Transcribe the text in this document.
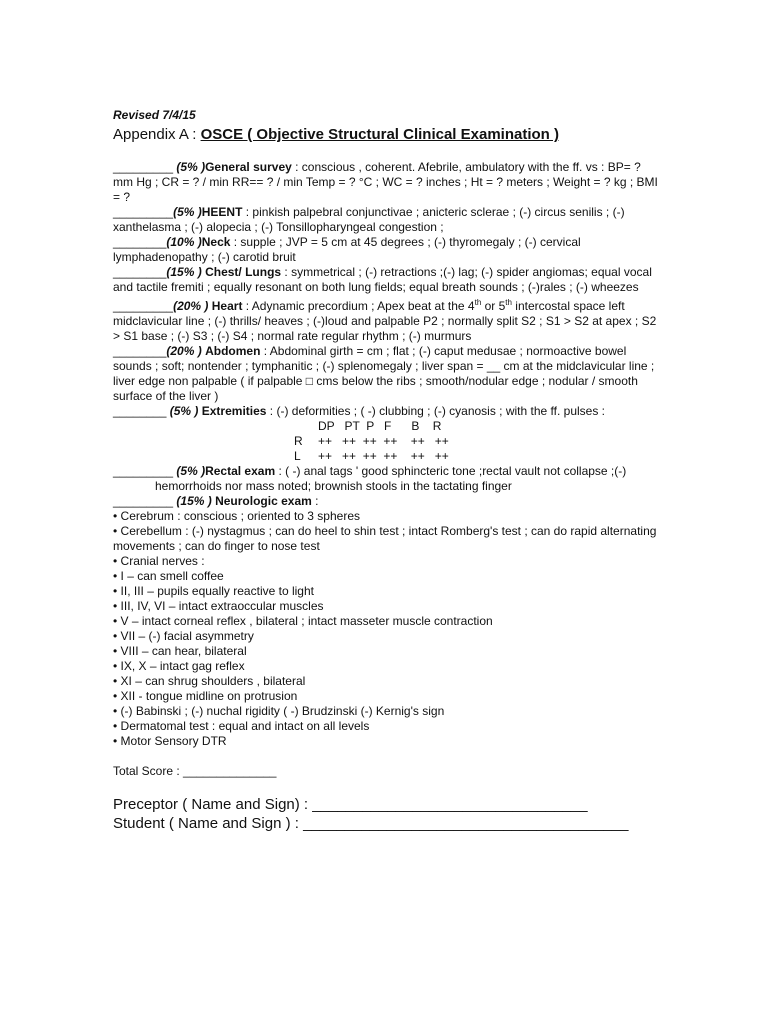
Revised 7/4/15
Appendix A : OSCE ( Objective Structural Clinical Examination )

_________ (5% )General survey : conscious , coherent. Afebrile, ambulatory with the ff. vs : BP= ? mm Hg ; CR = ? / min RR== ? / min Temp = ? °C ; WC = ? inches ; Ht = ? meters ; Weight = ? kg ; BMI = ?

_________(5% )HEENT : pinkish palpebral conjunctivae ; anicteric sclerae ; (-) circus senilis ; (-) xanthelasma ; (-) alopecia ; (-) Tonsillopharyngeal congestion ;

________(10% )Neck : supple ; JVP = 5 cm at 45 degrees ; (-) thyromegaly ; (-) cervical lymphadenopathy ; (-) carotid bruit

________(15% ) Chest/ Lungs : symmetrical ; (-) retractions ;(-) lag; (-) spider angiomas; equal vocal and tactile fremiti ; equally resonant on both lung fields; equal breath sounds ; (-)rales ; (-) wheezes

_________(20% ) Heart : Adynamic precordium ; Apex beat at the 4th or 5th intercostal space left midclavicular line ; (-) thrills/ heaves ; (-)loud and palpable P2 ; normally split S2 ; S1 > S2 at apex ; S2 > S1 base ; (-) S3 ; (-) S4 ; normal rate regular rhythm ; (-) murmurs

________(20% ) Abdomen : Abdominal girth = cm ; flat ; (-) caput medusae ; normoactive bowel sounds ; soft; nontender ; tymphanitic ; (-) splenomegaly ; liver span = __ cm at the midclavicular line ; liver edge non palpable ( if palpable □ cms below the ribs ; smooth/nodular edge ; nodular / smooth surface of the liver )

________ (5% ) Extremities : (-) deformities ; ( -) clubbing ; (-) cyanosis ; with the ff. pulses :

DP   PT  P   F      B    R
R ++   ++  ++  ++    ++   ++
L ++   ++  ++  ++    ++   ++

_________ (5% )Rectal exam : ( -) anal tags ' good sphincteric tone ;rectal vault not collapse ;(-)

hemorrhoids nor mass noted; brownish stools in the tactating finger

_________ (15% ) Neurologic exam :

• Cerebrum : conscious ; oriented to 3 spheres

• Cerebellum : (-) nystagmus ; can do heel to shin test ; intact Romberg's test ; can do rapid alternating movements ; can do finger to nose test

• Cranial nerves :

• I – can smell coffee

• II, III – pupils equally reactive to light

• III, IV, VI – intact extraoccular muscles

• V – intact corneal reflex , bilateral ; intact masseter muscle contraction

• VII – (-) facial asymmetry

• VIII – can hear, bilateral

• IX, X – intact gag reflex

• XI – can shrug shoulders , bilateral

• XII - tongue midline on protrusion

• (-) Babinski ; (-) nuchal rigidity ( -) Brudzinski (-) Kernig's sign

• Dermatomal test : equal and intact on all levels

• Motor Sensory DTR

Total Score : ______________

Preceptor ( Name and Sign) : _________________________________
Student ( Name and Sign ) : _______________________________________
